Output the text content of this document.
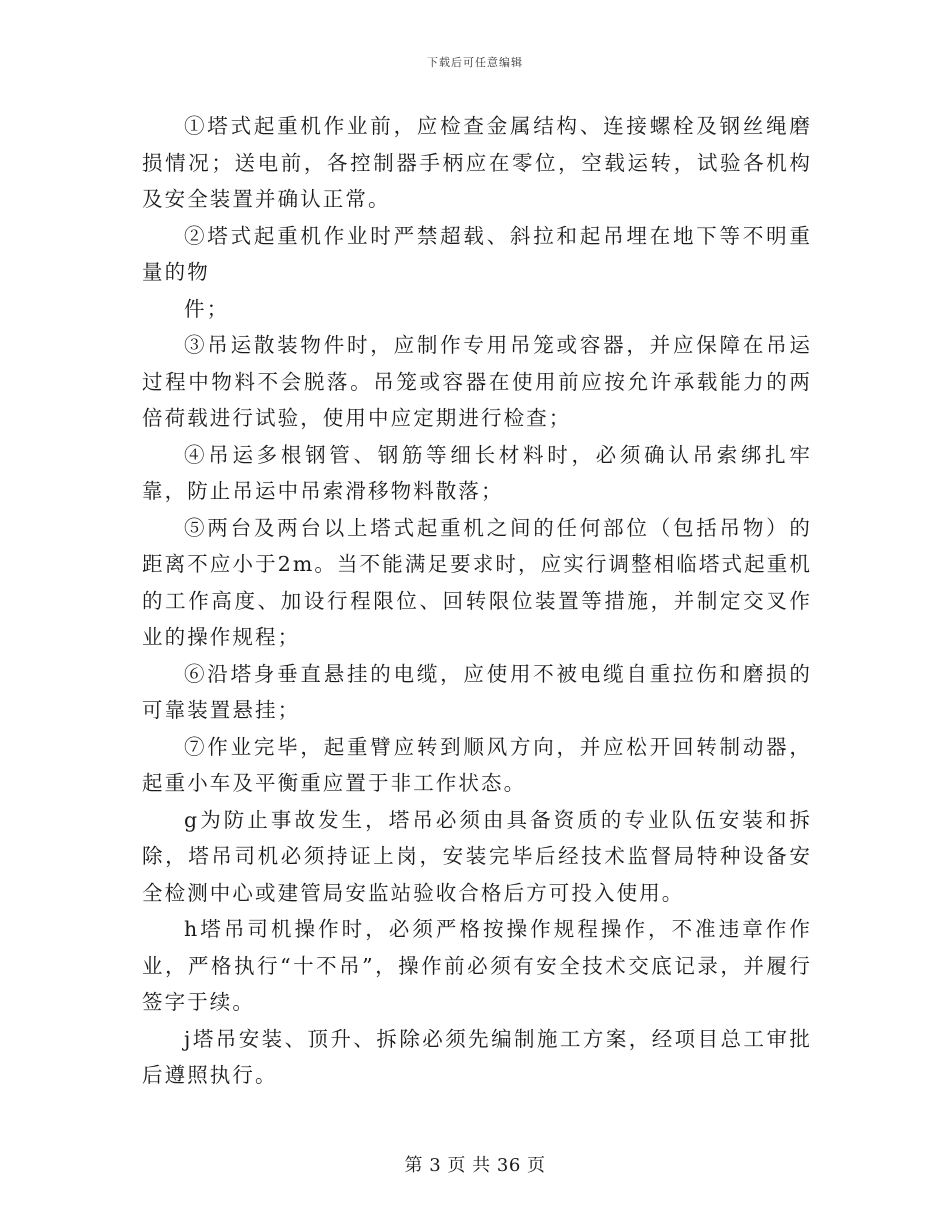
下载后可任意编辑

①塔式起重机作业前，应检查金属结构、连接螺栓及钢丝绳磨损情况；送电前，各控制器手柄应在零位，空载运转，试验各机构及安全装置并确认正常。

②塔式起重机作业时严禁超载、斜拉和起吊埋在地下等不明重量的物

件；

③吊运散装物件时，应制作专用吊笼或容器，并应保障在吊运过程中物料不会脱落。吊笼或容器在使用前应按允许承载能力的两倍荷载进行试验，使用中应定期进行检查；

④吊运多根钢管、钢筋等细长材料时，必须确认吊索绑扎牢靠，防止吊运中吊索滑移物料散落；

⑤两台及两台以上塔式起重机之间的任何部位（包括吊物）的距离不应小于2m。当不能满足要求时，应实行调整相临塔式起重机的工作高度、加设行程限位、回转限位装置等措施，并制定交叉作业的操作规程；

⑥沿塔身垂直悬挂的电缆，应使用不被电缆自重拉伤和磨损的可靠装置悬挂；

⑦作业完毕，起重臂应转到顺风方向，并应松开回转制动器，起重小车及平衡重应置于非工作状态。

g为防止事故发生，塔吊必须由具备资质的专业队伍安装和拆除，塔吊司机必须持证上岗，安装完毕后经技术监督局特种设备安全检测中心或建管局安监站验收合格后方可投入使用。

h塔吊司机操作时，必须严格按操作规程操作，不准违章作作业，严格执行“十不吊”，操作前必须有安全技术交底记录，并履行签字于续。

j塔吊安装、顶升、拆除必须先编制施工方案，经项目总工审批后遵照执行。

第 3 页 共 36 页
